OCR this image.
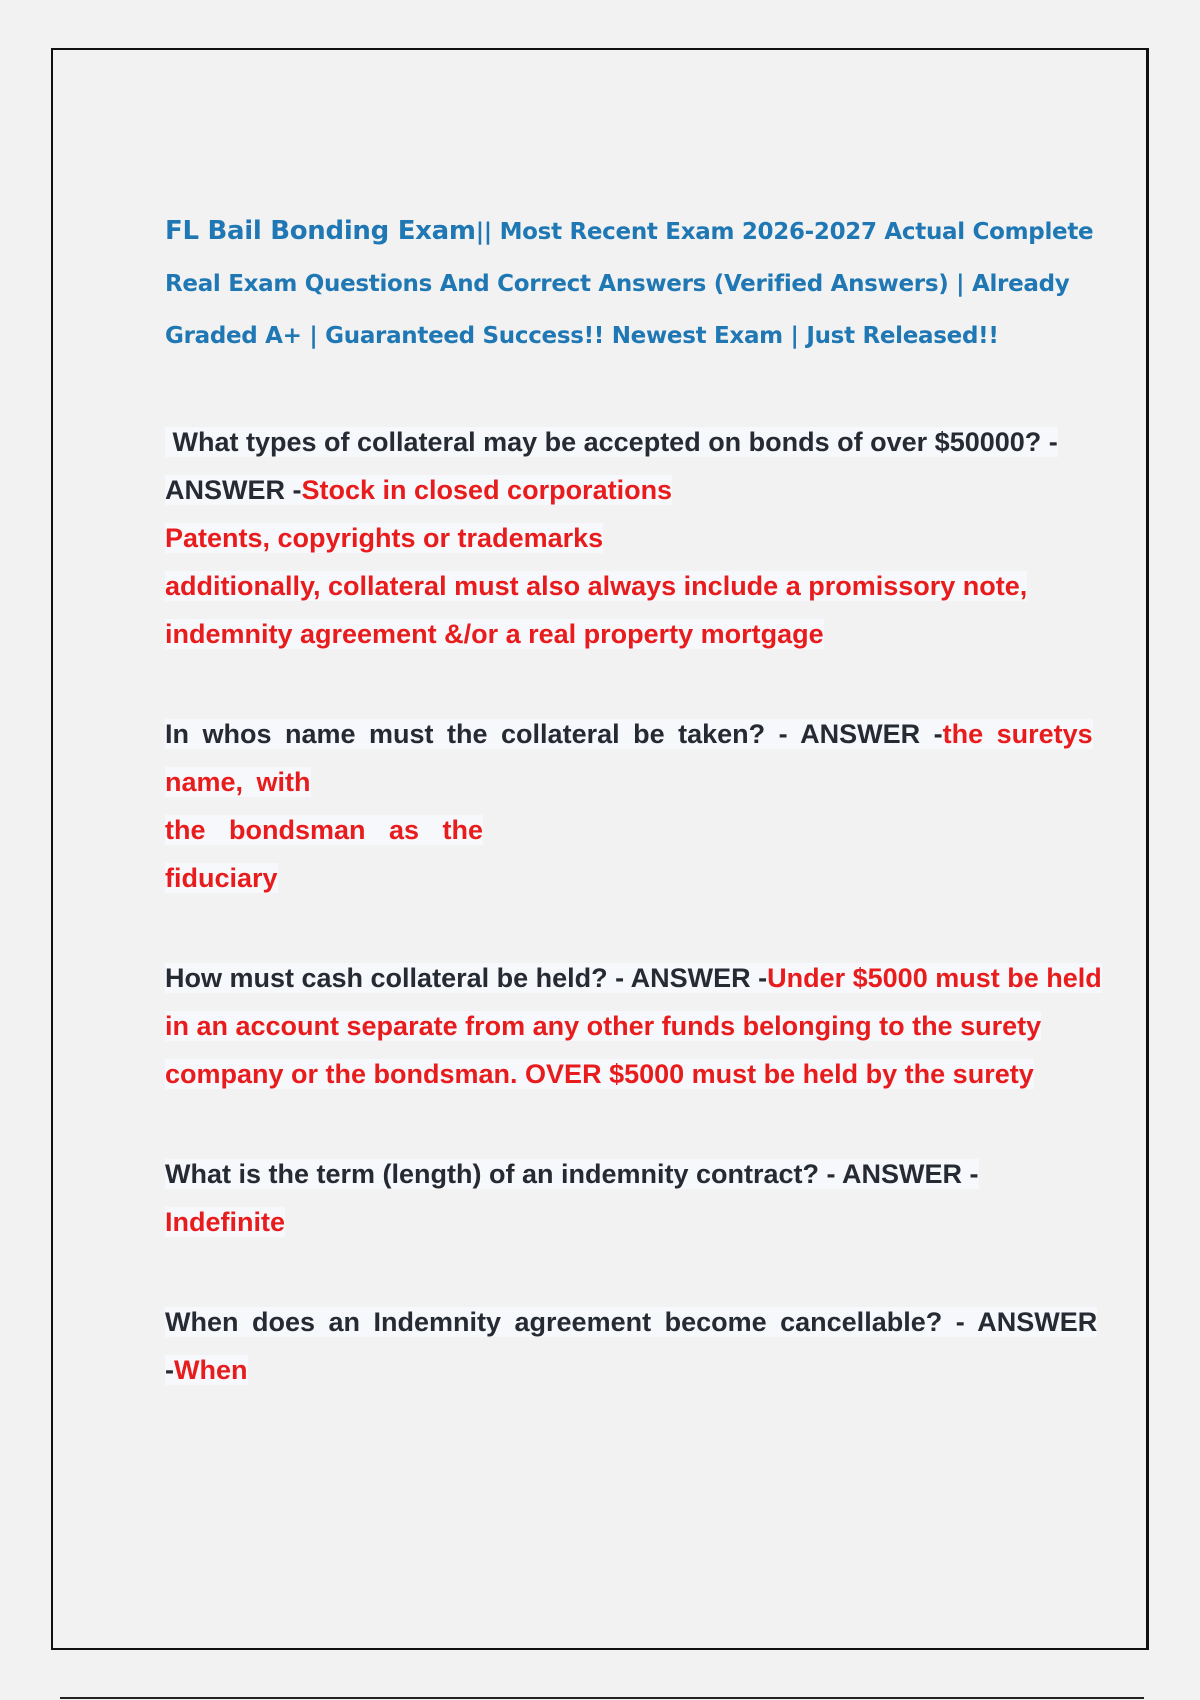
FL Bail Bonding Exam|| Most Recent Exam 2026-2027 Actual Complete Real Exam Questions And Correct Answers (Verified Answers) | Already Graded A+ | Guaranteed Success!! Newest Exam | Just Released!!

What types of collateral may be accepted on bonds of over $50000? - ANSWER -Stock in closed corporations
Patents, copyrights or trademarks
additionally, collateral must also always include a promissory note, indemnity agreement &/or a real property mortgage

In whos name must the collateral be taken? - ANSWER -the suretys name, with
the bondsman as the
fiduciary

How must cash collateral be held? - ANSWER -Under $5000 must be held in an account separate from any other funds belonging to the surety company or the bondsman. OVER $5000 must be held by the surety

What is the term (length) of an indemnity contract? - ANSWER -
Indefinite

When does an Indemnity agreement become cancellable? - ANSWER -When
